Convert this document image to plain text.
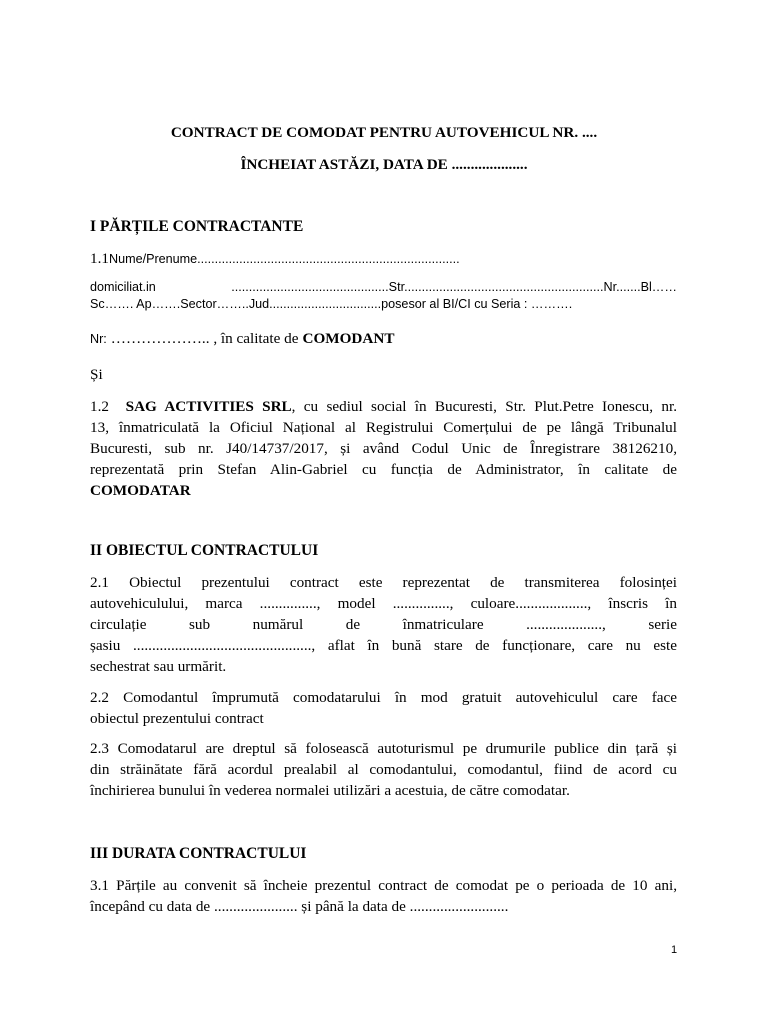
CONTRACT DE COMODAT PENTRU AUTOVEHICUL NR. ....
ÎNCHEIAT ASTĂZI, DATA DE ....................
I PĂRȚILE CONTRACTANTE
1.1Nume/Prenume...........................................................................
domiciliat.in .............................................Str.........................................................Nr.......Bl……
Sc……. Ap…….Sector……..Jud................................posesor al BI/CI cu Seria : ……….
Nr: ……………….. , în calitate de COMODANT
Și
1.2 SAG ACTIVITIES SRL, cu sediul social în Bucuresti, Str. Plut.Petre Ionescu, nr.
13, înmatriculată la Oficiul Național al Registrului Comerțului de pe lângă Tribunalul
Bucuresti, sub nr. J40/14737/2017, și având Codul Unic de Înregistrare 38126210,
reprezentată prin Stefan Alin-Gabriel cu funcția de Administrator, în calitate de
COMODATAR
II OBIECTUL CONTRACTULUI
2.1 Obiectul prezentului contract este reprezentat de transmiterea folosinței
autovehiculului, marca ..............., model ..............., culoare..................., înscris în
circulație sub numărul de înmatriculare ...................., serie
șasiu ..............................................., aflat în bună stare de funcționare, care nu este
sechestrat sau urmărit.
2.2 Comodantul împrumută comodatarului în mod gratuit autovehiculul care face
obiectul prezentului contract
2.3 Comodatarul are dreptul să folosească autoturismul pe drumurile publice din țară și
din străinătate fără acordul prealabil al comodantului, comodantul, fiind de acord cu
închirierea bunului în vederea normalei utilizări a acestuia, de către comodatar.
III DURATA CONTRACTULUI
3.1 Părțile au convenit să încheie prezentul contract de comodat pe o perioada de 10 ani,
începând cu data de ...................... și până la data de ..........................
1
